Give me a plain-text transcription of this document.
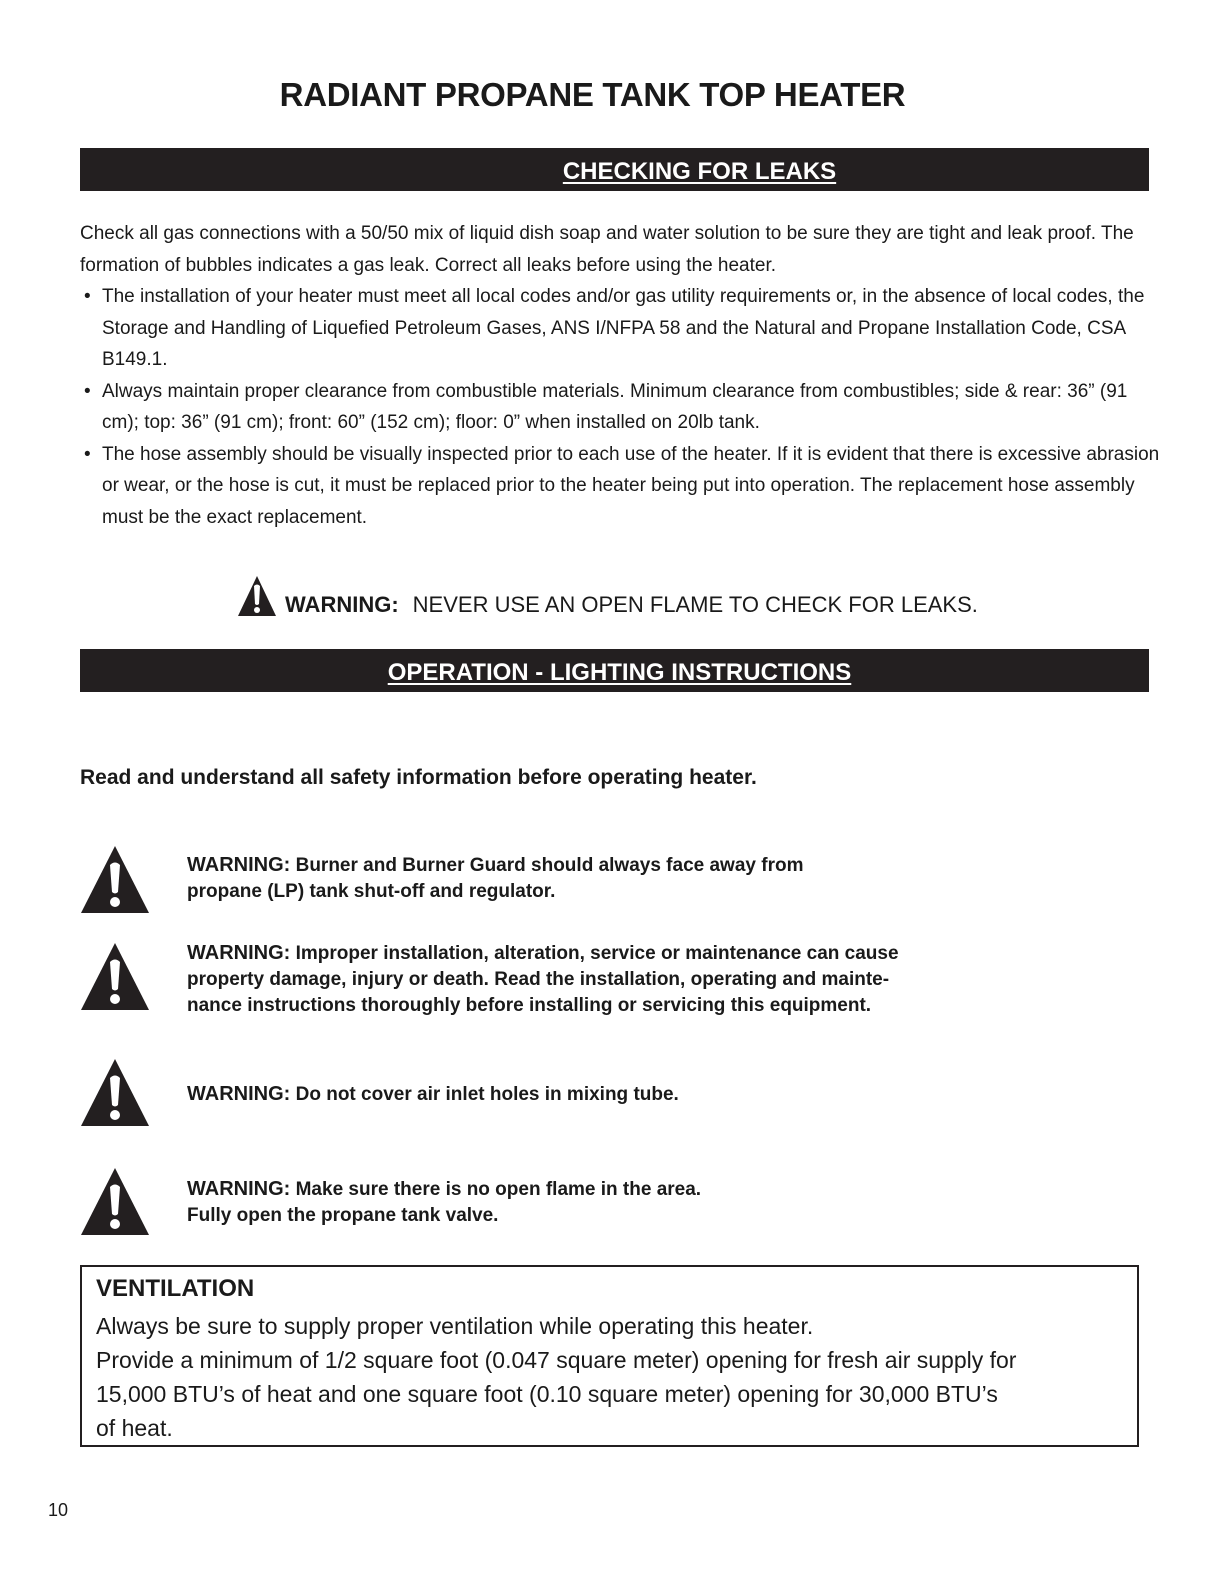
RADIANT PROPANE TANK TOP HEATER
CHECKING FOR LEAKS
Check all gas connections with a 50/50 mix of liquid dish soap and water solution to be sure they are tight and leak proof. The formation of bubbles indicates a gas leak. Correct all leaks before using the heater.
• The installation of your heater must meet all local codes and/or gas utility requirements or, in the absence of local codes, the Storage and Handling of Liquefied Petroleum Gases, ANS I/NFPA 58 and the Natural and Propane Installation Code, CSA B149.1.
• Always maintain proper clearance from combustible materials. Minimum clearance from combustibles; side & rear: 36” (91 cm); top: 36” (91 cm); front: 60” (152 cm); floor: 0” when installed on 20lb tank.
• The hose assembly should be visually inspected prior to each use of the heater. If it is evident that there is excessive abrasion or wear, or the hose is cut, it must be replaced prior to the heater being put into operation. The replacement hose assembly must be the exact replacement.
WARNING: NEVER USE AN OPEN FLAME TO CHECK FOR LEAKS.
OPERATION - LIGHTING INSTRUCTIONS
Read and understand all safety information before operating heater.
WARNING: Burner and Burner Guard should always face away from
propane (LP) tank shut-off and regulator.
WARNING: Improper installation, alteration, service or maintenance can cause
property damage, injury or death. Read the installation, operating and mainte-
nance instructions thoroughly before installing or servicing this equipment.
WARNING: Do not cover air inlet holes in mixing tube.
WARNING: Make sure there is no open flame in the area.
Fully open the propane tank valve.
VENTILATION
Always be sure to supply proper ventilation while operating this heater.
Provide a minimum of 1/2 square foot (0.047 square meter) opening for fresh air supply for
15,000 BTU’s of heat and one square foot (0.10 square meter) opening for 30,000 BTU’s
of heat.
10
